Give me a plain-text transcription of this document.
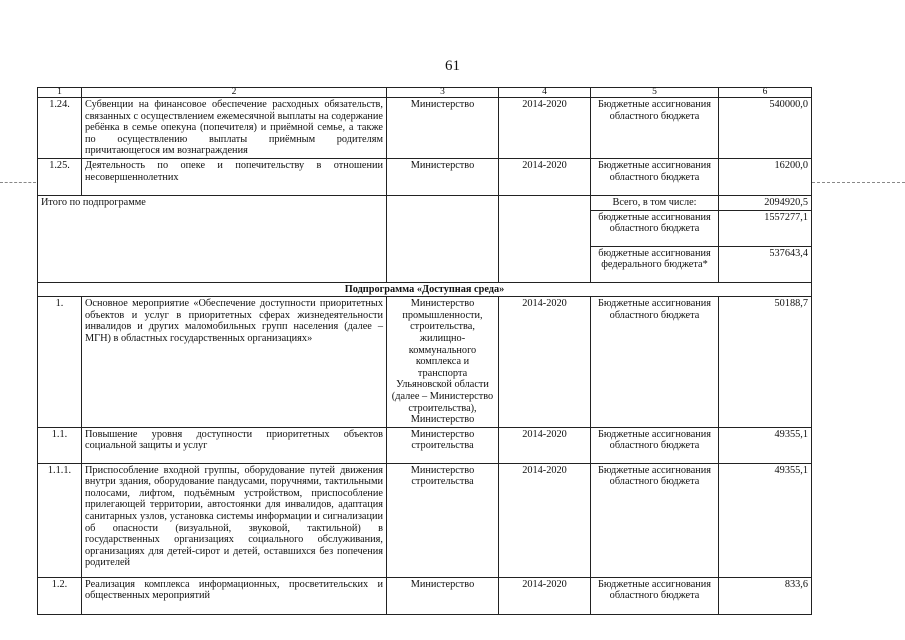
61
1	2	3	4	5	6
1.24.	Субвенции на финансовое обеспечение расходных обязательств, связанных с осуществлением ежемесячной выплаты на содержание ребёнка в семье опекуна (попечителя) и приёмной семье, а также по осуществлению выплаты приёмным родителям причитающегося им вознаграждения	Министерство	2014-2020	Бюджетные ассигнования областного бюджета	540000,0
1.25.	Деятельность по опеке и попечительству в отношении несовершеннолетних	Министерство	2014-2020	Бюджетные ассигнования областного бюджета	16200,0
Итого по подпрограмме				Всего, в том числе:	2094920,5
				бюджетные ассигнования областного бюджета	1557277,1
				бюджетные ассигнования федерального бюджета*	537643,4
Подпрограмма «Доступная среда»					
1.	Основное мероприятие «Обеспечение доступности приоритетных объектов и услуг в приоритетных сферах жизнедеятельности инвалидов и других маломобильных групп населения (далее – МГН) в областных государственных организациях»	Министерство промышленности, строительства, жилищно-коммунального комплекса и транспорта Ульяновской области (далее – Министерство строительства), Министерство	2014-2020	Бюджетные ассигнования областного бюджета	50188,7
1.1.	Повышение уровня доступности приоритетных объектов социальной защиты и услуг	Министерство строительства	2014-2020	Бюджетные ассигнования областного бюджета	49355,1
1.1.1.	Приспособление входной группы, оборудование путей движения внутри здания, оборудование пандусами, поручнями, тактильными полосами, лифтом, подъёмным устройством, приспособление прилегающей территории, автостоянки для инвалидов, адаптация санитарных узлов, установка системы информации и сигнализации об опасности (визуальной, звуковой, тактильной) в государственных организациях социального обслуживания, организациях для детей-сирот и детей, оставшихся без попечения родителей	Министерство строительства	2014-2020	Бюджетные ассигнования областного бюджета	49355,1
1.2.	Реализация комплекса информационных, просветительских и общественных мероприятий	Министерство	2014-2020	Бюджетные ассигнования областного бюджета	833,6
